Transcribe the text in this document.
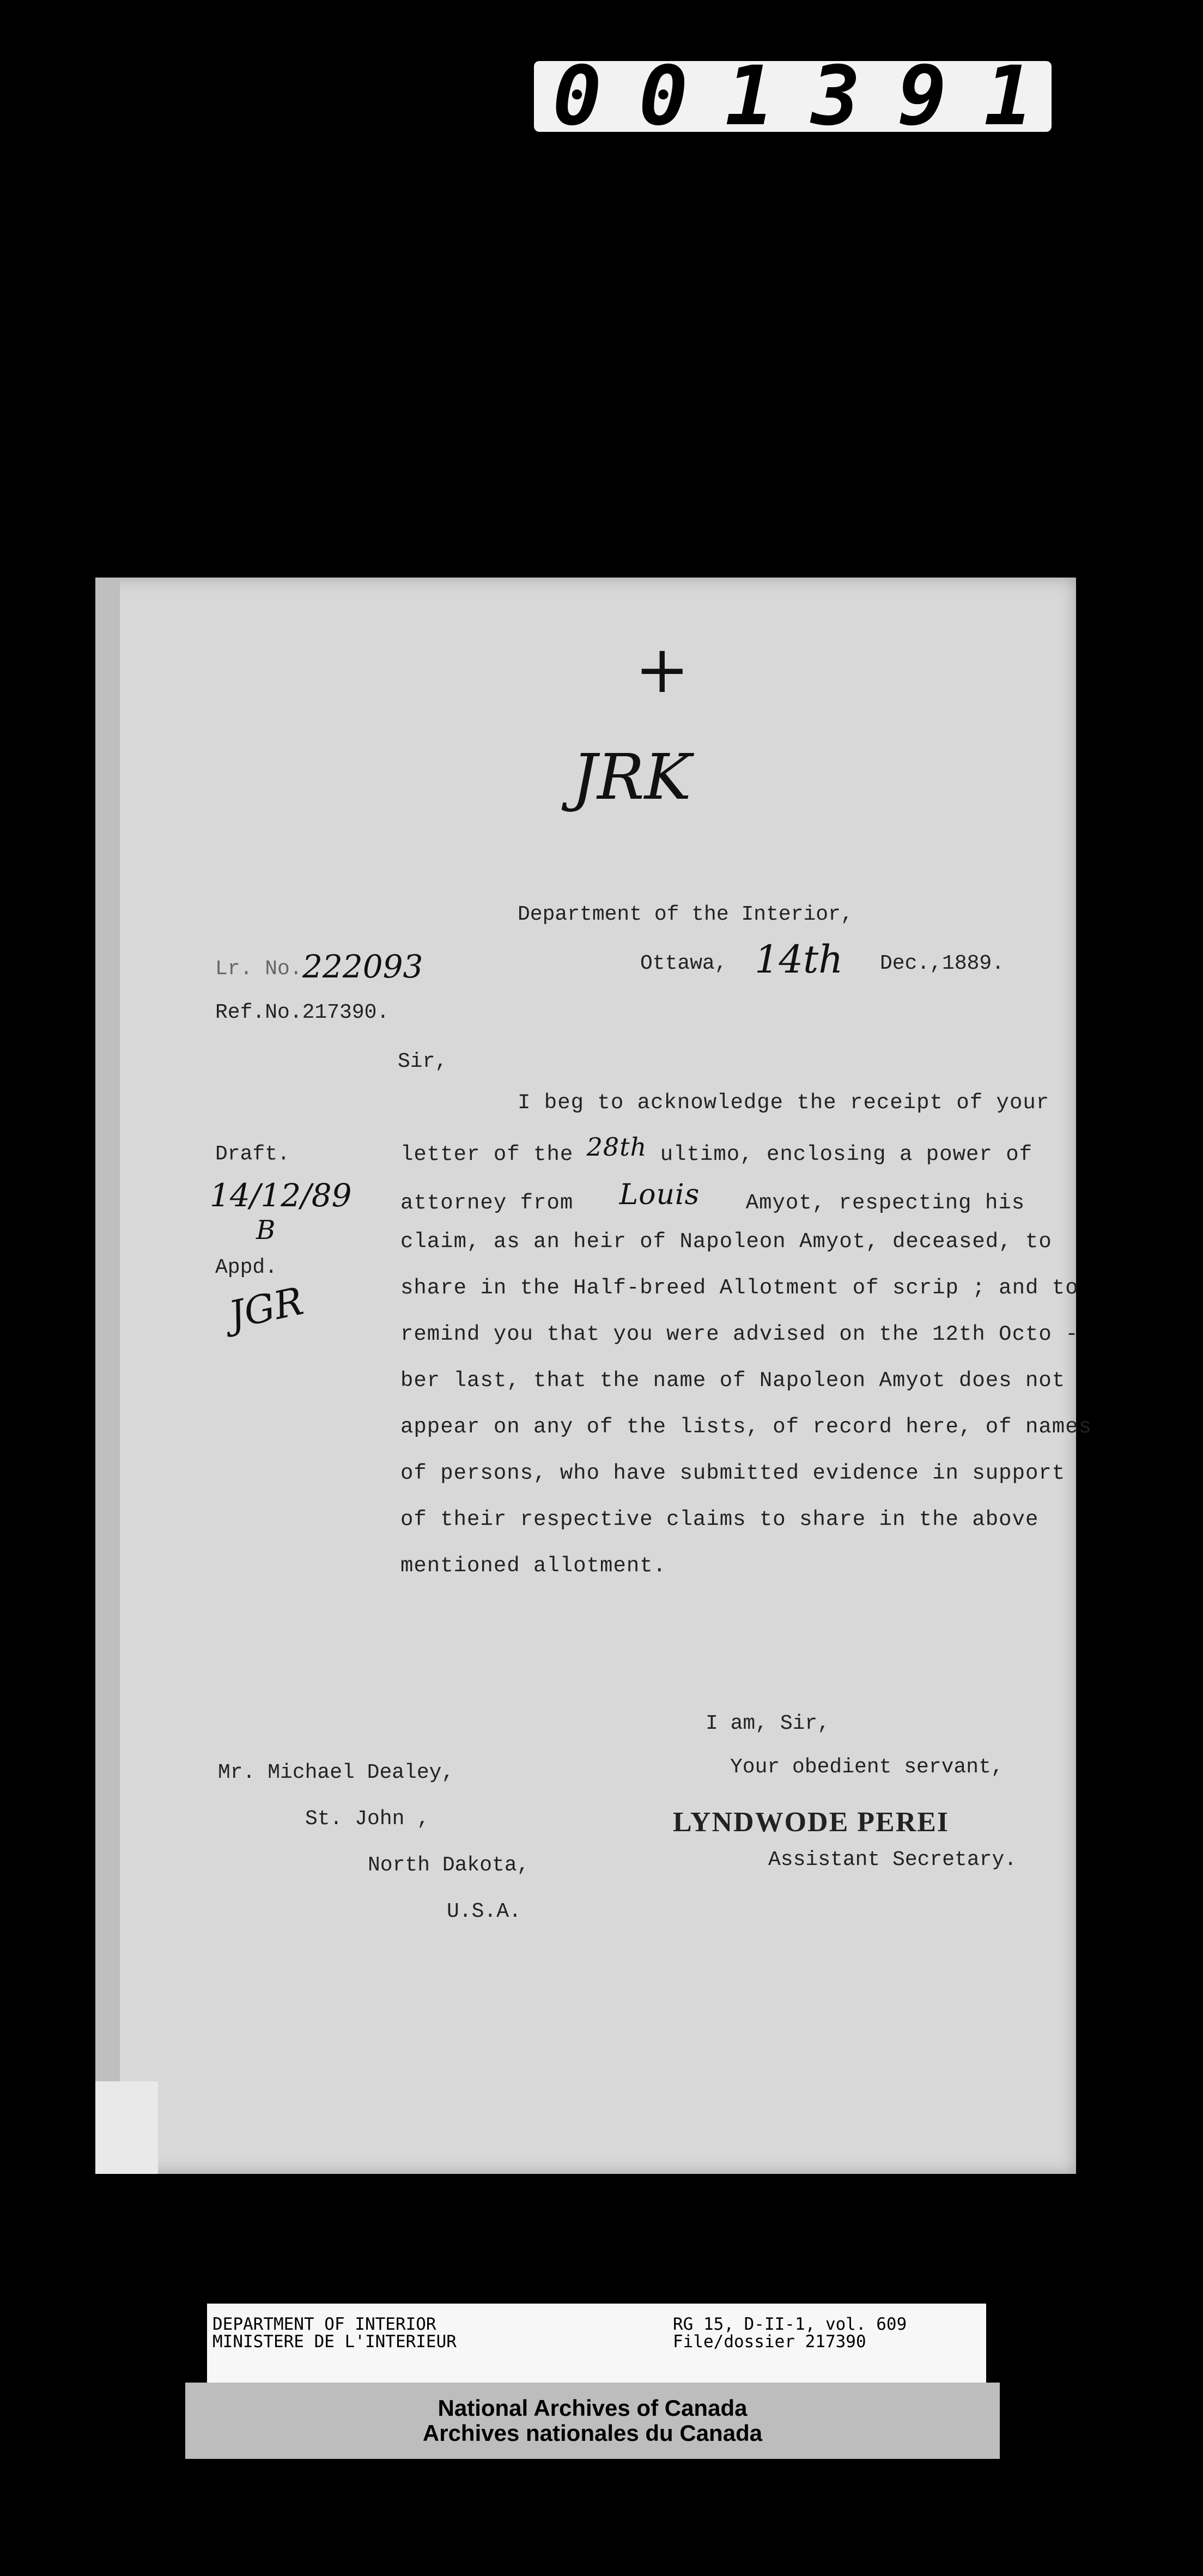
0 0 1 3 9 1
+
JRK
Department of the Interior,
Ottawa, 14th Dec.,1889.
Lr. No. 222093
Ref.No.217390.
Sir,
Draft.
14/12/89
B
Appd.
JGR
I beg to acknowledge the receipt of your
letter of the 28th ultimo, enclosing a power of
attorney from Louis Amyot, respecting his
claim, as an heir of Napoleon Amyot, deceased, to
share in the Half-breed Allotment of scrip ; and to
remind you that you were advised on the 12th Octo -
ber last, that the name of Napoleon Amyot does not
appear on any of the lists, of record here, of names
of persons, who have submitted evidence in support
of their respective claims to share in the above
mentioned allotment.
I am, Sir,
Your obedient servant,
Mr. Michael Dealey,
St. John ,
North Dakota,
U.S.A.
LYNDWODE PEREI
Assistant Secretary.
DEPARTMENT OF INTERIOR
MINISTERE DE L'INTERIEUR
RG 15, D-II-1, vol. 609
File/dossier 217390
National Archives of Canada
Archives nationales du Canada
